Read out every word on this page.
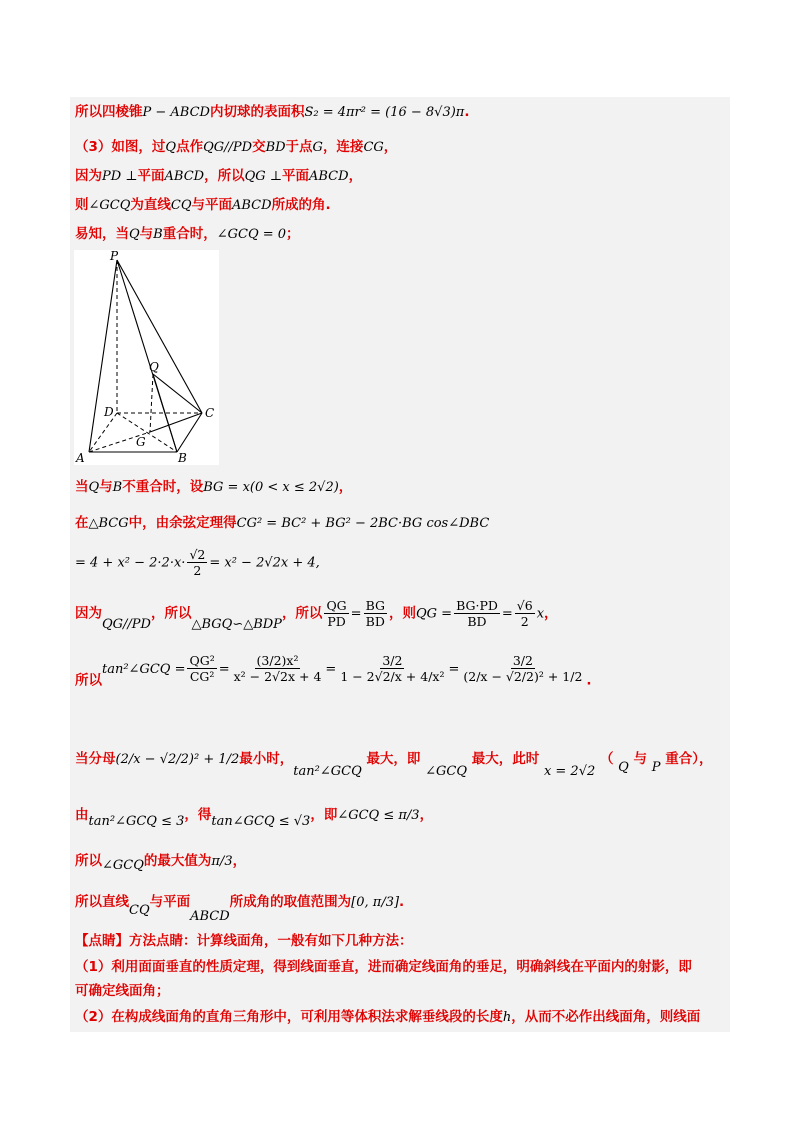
所以四棱锥P − ABCD内切球的表面积S₂ = 4πr² = (16 − 8√3)π.
（3）如图，过Q点作QG//PD交BD于点G，连接CG，
因为PD ⊥平面ABCD，所以QG ⊥平面ABCD，
则∠GCQ为直线CQ与平面ABCD所成的角.
易知，当Q与B重合时，∠GCQ = 0；
P
Q
D	C
G
A	B
当Q与B不重合时，设BG = x(0 < x ≤ 2√2)，
在△BCG中，由余弦定理得CG² = BC² + BG² − 2BC·BG cos∠DBC
= $4 + x^2 - 2\cdot 2\cdot x\cdot \frac{√2}{2} = x^2 - 2√2x + 4$,
因为QG//PD，所以△BGQ∽△BDP，所以 $\frac{QG}{PD} = \frac{BG}{BD}$ ，则QG = $\frac{BG\cdot PD}{BD} = \frac{√6}{2}$ x，
所以tan²∠GCQ = $\frac{\text{QG²}}{\text{CG²}} = \frac{\text{(3/2)x²}}{\text{x² − 2√2x + 4}} = \frac{3/2}{\text{1 − 2√2/x + 4/x²}} = \frac{3/2}{\text{(2/x − √2/2)² + 1/2}}$ .
当分母(2/x − √2/2)² + 1/2最小时，tan²∠GCQ 最大，即 ∠GCQ 最大，此时 x = 2√2 （ Q 与 P 重合），
由tan²∠GCQ ≤ 3，得tan∠GCQ ≤ √3，即∠GCQ ≤ π/3，
所以∠GCQ的最大值为π/3，
所以直线CQ与平面ABCD所成角的取值范围为[0, π/3].
【点睛】方法点睛：计算线面角，一般有如下几种方法：
（1）利用面面垂直的性质定理，得到线面垂直，进而确定线面角的垂足，明确斜线在平面内的射影，即
可确定线面角；
（2）在构成线面角的直角三角形中，可利用等体积法求解垂线段的长度h，从而不必作出线面角，则线面
